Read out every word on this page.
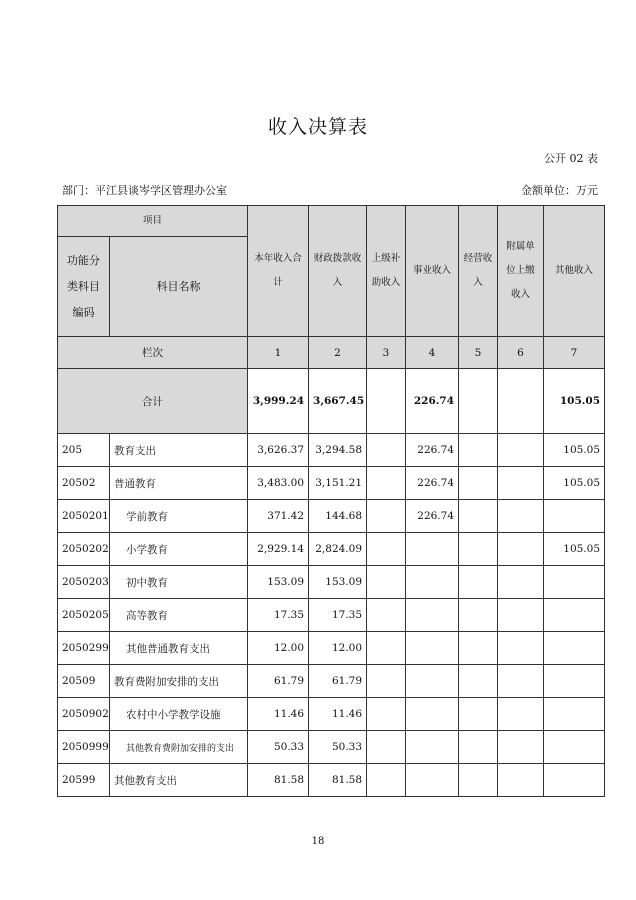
收入决算表
公开 02 表
部门：平江县谈岑学区管理办公室	金额单位：万元
项目		本年收入合计	财政拨款收入	上级补助收入	事业收入	经营收入	附属单位上缴收入	其他收入
功能分类科目编码	科目名称							
栏次		1	2	3	4	5	6	7
合计		3,999.24	3,667.45		226.74			105.05
205	教育支出	3,626.37	3,294.58		226.74			105.05
20502	普通教育	3,483.00	3,151.21		226.74			105.05
2050201	学前教育	371.42	144.68		226.74			
2050202	小学教育	2,929.14	2,824.09					105.05
2050203	初中教育	153.09	153.09					
2050205	高等教育	17.35	17.35					
2050299	其他普通教育支出	12.00	12.00					
20509	教育费附加安排的支出	61.79	61.79					
2050902	农村中小学教学设施	11.46	11.46					
2050999	其他教育费附加安排的支出	50.33	50.33					
20599	其他教育支出	81.58	81.58					
18
